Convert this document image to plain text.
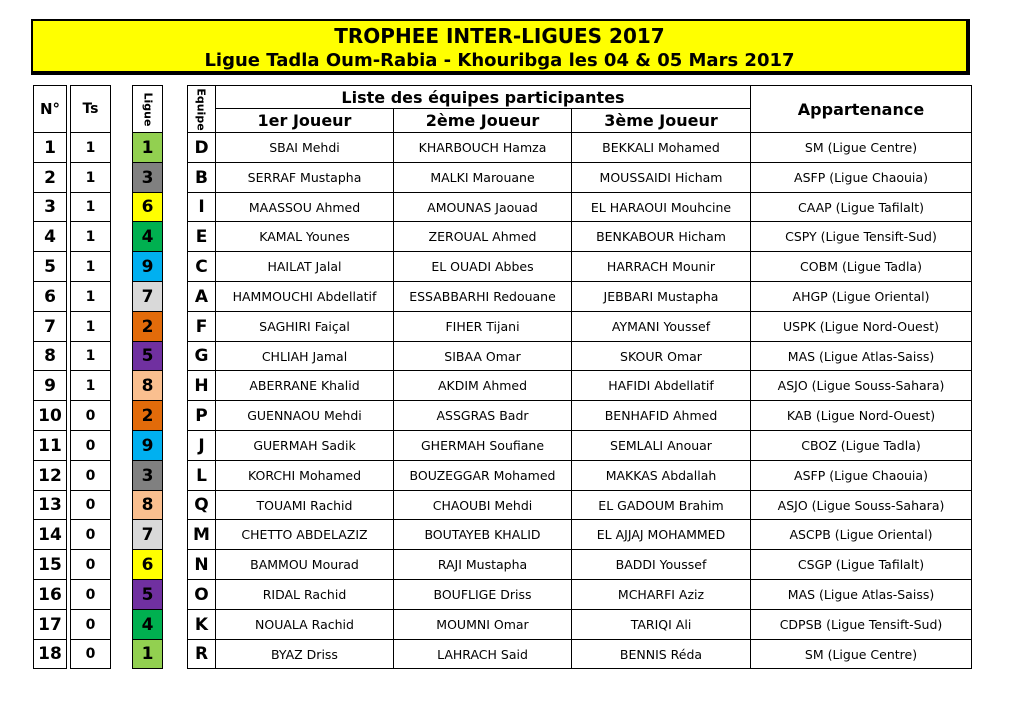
TROPHEE INTER-LIGUES 2017
Ligue Tadla Oum-Rabia - Khouribga les 04 & 05 Mars 2017
N°	Ts	Ligue	Equipe	Liste des équipes participantes
1er Joueur	2ème Joueur	3ème Joueur
Appartenance
1	1	1	D	SBAI Mehdi	KHARBOUCH Hamza	BEKKALI Mohamed	SM (Ligue Centre)
2	1	3	B	SERRAF Mustapha	MALKI Marouane	MOUSSAIDI Hicham	ASFP (Ligue Chaouia)
3	1	6	I	MAASSOU Ahmed	AMOUNAS Jaouad	EL HARAOUI Mouhcine	CAAP (Ligue Tafilalt)
4	1	4	E	KAMAL Younes	ZEROUAL Ahmed	BENKABOUR Hicham	CSPY (Ligue Tensift-Sud)
5	1	9	C	HAILAT Jalal	EL OUADI Abbes	HARRACH Mounir	COBM (Ligue Tadla)
6	1	7	A	HAMMOUCHI Abdellatif	ESSABBARHI Redouane	JEBBARI Mustapha	AHGP (Ligue Oriental)
7	1	2	F	SAGHIRI Faiçal	FIHER Tijani	AYMANI Youssef	USPK (Ligue Nord-Ouest)
8	1	5	G	CHLIAH Jamal	SIBAA Omar	SKOUR Omar	MAS (Ligue Atlas-Saiss)
9	1	8	H	ABERRANE Khalid	AKDIM Ahmed	HAFIDI Abdellatif	ASJO (Ligue Souss-Sahara)
10	0	2	P	GUENNAOU Mehdi	ASSGRAS Badr	BENHAFID Ahmed	KAB (Ligue Nord-Ouest)
11	0	9	J	GUERMAH Sadik	GHERMAH Soufiane	SEMLALI Anouar	CBOZ (Ligue Tadla)
12	0	3	L	KORCHI Mohamed	BOUZEGGAR Mohamed	MAKKAS Abdallah	ASFP (Ligue Chaouia)
13	0	8	Q	TOUAMI Rachid	CHAOUBI Mehdi	EL GADOUM Brahim	ASJO (Ligue Souss-Sahara)
14	0	7	M	CHETTO ABDELAZIZ	BOUTAYEB KHALID	EL AJJAJ MOHAMMED	ASCPB (Ligue Oriental)
15	0	6	N	BAMMOU Mourad	RAJI Mustapha	BADDI Youssef	CSGP (Ligue Tafilalt)
16	0	5	O	RIDAL Rachid	BOUFLIGE Driss	MCHARFI Aziz	MAS (Ligue Atlas-Saiss)
17	0	4	K	NOUALA Rachid	MOUMNI Omar	TARIQI Ali	CDPSB (Ligue Tensift-Sud)
18	0	1	R	BYAZ Driss	LAHRACH Said	BENNIS Réda	SM (Ligue Centre)
